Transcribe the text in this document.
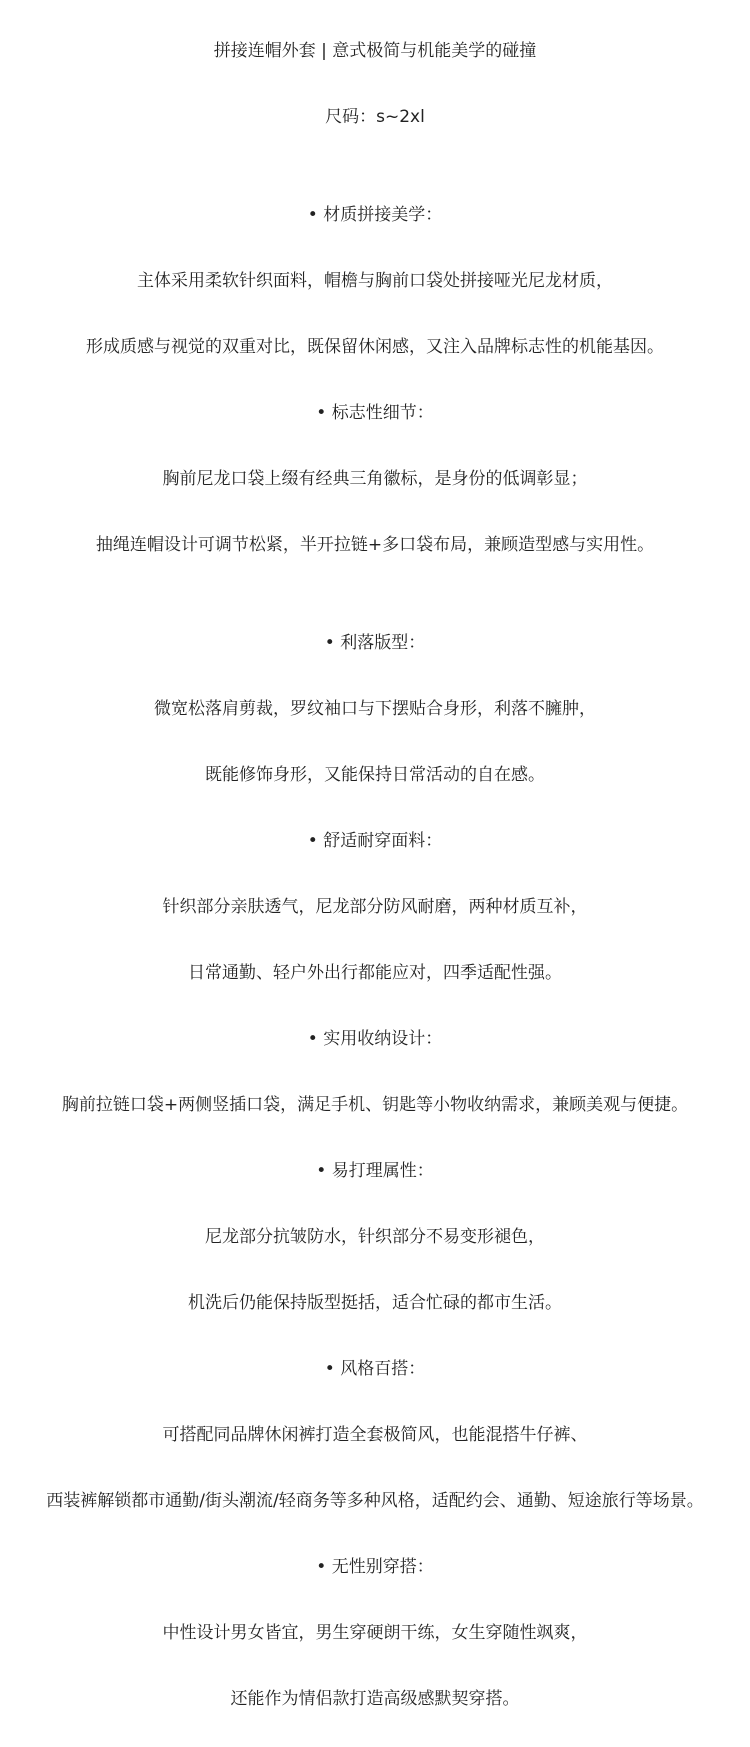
拼接连帽外套 | 意式极简与机能美学的碰撞
尺码：s~2xl
• 材质拼接美学：
主体采用柔软针织面料，帽檐与胸前口袋处拼接哑光尼龙材质，
形成质感与视觉的双重对比，既保留休闲感，又注入品牌标志性的机能基因。
• 标志性细节：
胸前尼龙口袋上缀有经典三角徽标，是身份的低调彰显；
抽绳连帽设计可调节松紧，半开拉链+多口袋布局，兼顾造型感与实用性。
• 利落版型：
微宽松落肩剪裁，罗纹袖口与下摆贴合身形，利落不臃肿，
既能修饰身形，又能保持日常活动的自在感。
• 舒适耐穿面料：
针织部分亲肤透气，尼龙部分防风耐磨，两种材质互补，
日常通勤、轻户外出行都能应对，四季适配性强。
• 实用收纳设计：
胸前拉链口袋+两侧竖插口袋，满足手机、钥匙等小物收纳需求，兼顾美观与便捷。
• 易打理属性：
尼龙部分抗皱防水，针织部分不易变形褪色，
机洗后仍能保持版型挺括，适合忙碌的都市生活。
• 风格百搭：
可搭配同品牌休闲裤打造全套极简风，也能混搭牛仔裤、
西装裤解锁都市通勤/街头潮流/轻商务等多种风格，适配约会、通勤、短途旅行等场景。
• 无性别穿搭：
中性设计男女皆宜，男生穿硬朗干练，女生穿随性飒爽，
还能作为情侣款打造高级感默契穿搭。
